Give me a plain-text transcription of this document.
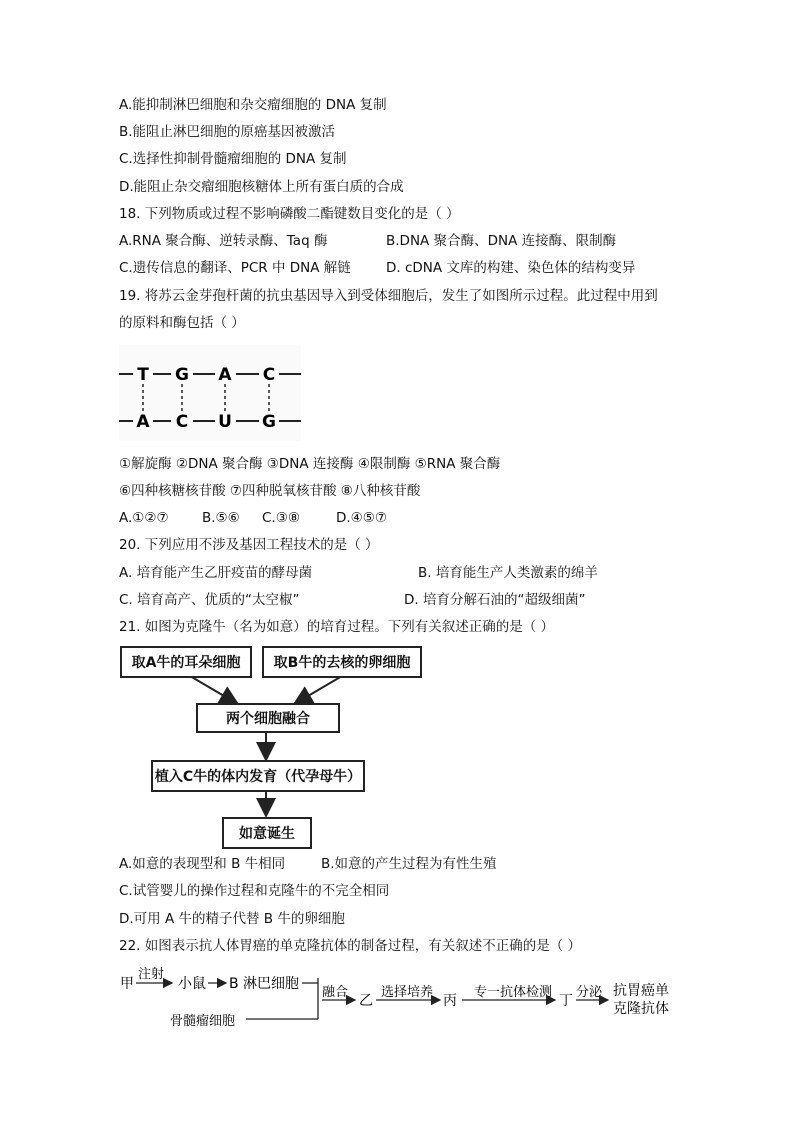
A.能抑制淋巴细胞和杂交瘤细胞的 DNA 复制
B.能阻止淋巴细胞的原癌基因被激活
C.选择性抑制骨髓瘤细胞的 DNA 复制
D.能阻止杂交瘤细胞核糖体上所有蛋白质的合成
18. 下列物质或过程不影响磷酸二酯键数目变化的是（ ）
A.RNA 聚合酶、逆转录酶、Taq 酶	B.DNA 聚合酶、DNA 连接酶、限制酶
C.遗传信息的翻译、PCR 中 DNA 解链	D. cDNA 文库的构建、染色体的结构变异
19. 将苏云金芽孢杆菌的抗虫基因导入到受体细胞后，发生了如图所示过程。此过程中用到
的原料和酶包括（ ）
T G A C
A C U G
①解旋酶 ②DNA 聚合酶 ③DNA 连接酶 ④限制酶 ⑤RNA 聚合酶
⑥四种核糖核苷酸 ⑦四种脱氧核苷酸 ⑧八种核苷酸
A.①②⑦ B.⑤⑥ C.③⑧	D.④⑤⑦
20. 下列应用不涉及基因工程技术的是（ ）
A. 培育能产生乙肝疫苗的酵母菌	B. 培育能生产人类激素的绵羊
C. 培育高产、优质的“太空椒”	D. 培育分解石油的“超级细菌”
21. 如图为克隆牛（名为如意）的培育过程。下列有关叙述正确的是（ ）
取A牛的耳朵细胞	取B牛的去核的卵细胞
两个细胞融合
植入C牛的体内发育（代孕母牛）
如意诞生
A.如意的表现型和 B 牛相同	B.如意的产生过程为有性生殖
C.试管婴儿的操作过程和克隆牛的不完全相同
D.可用 A 牛的精子代替 B 牛的卵细胞
22. 如图表示抗人体胃癌的单克隆抗体的制备过程，有关叙述不正确的是（ ）
甲
注射
小鼠 B 淋巴细胞
骨髓瘤细胞
融合
乙
选择培养
丙
专一抗体检测
丁
分泌 抗胃癌单
克隆抗体
